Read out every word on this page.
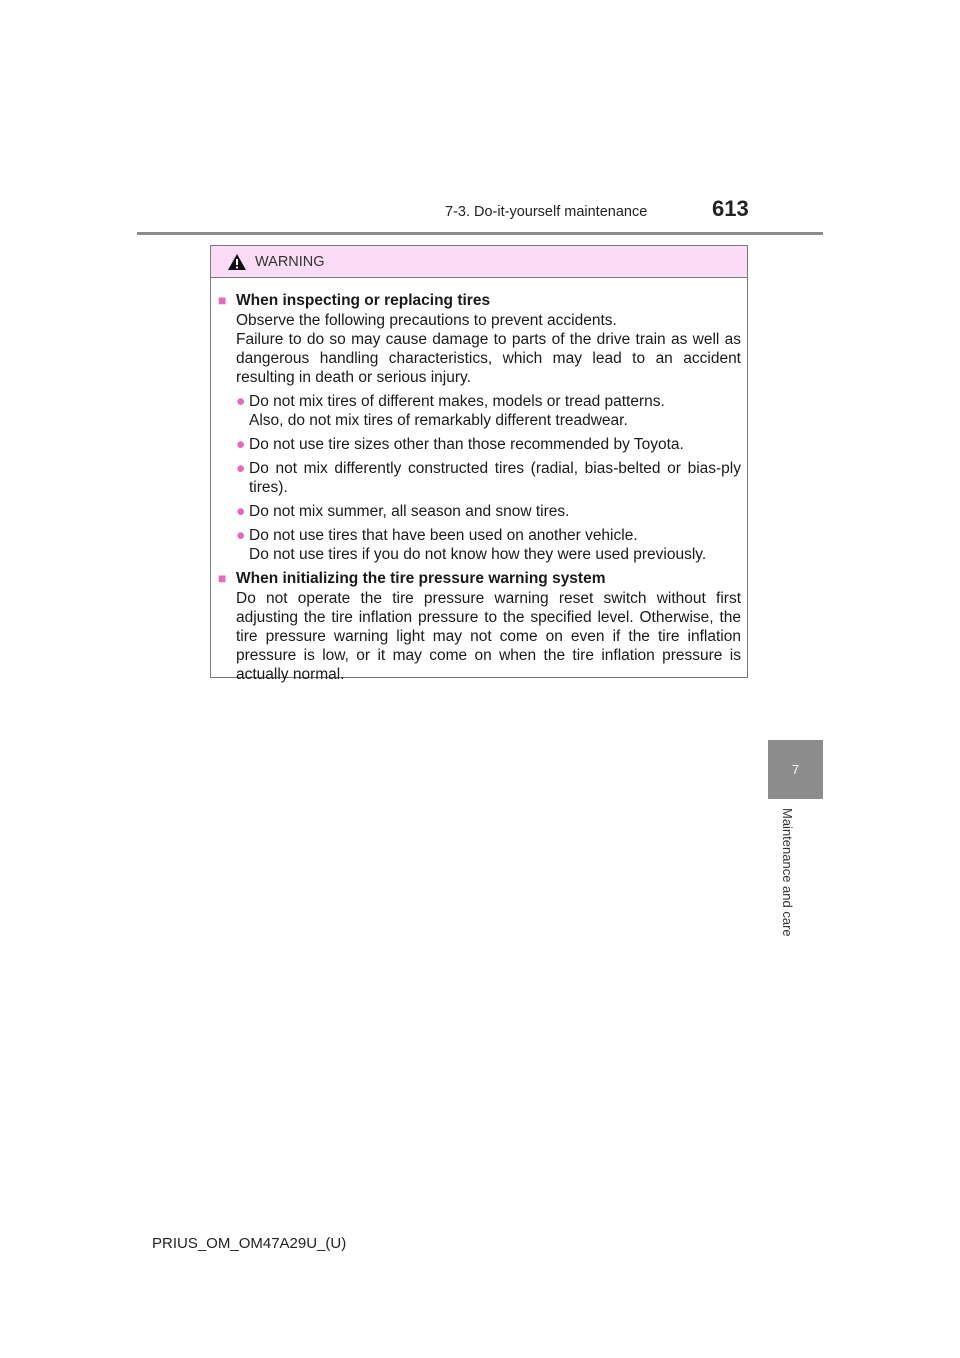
7-3. Do-it-yourself maintenance	613
7
Maintenance and care
WARNING
■ When inspecting or replacing tires
Observe the following precautions to prevent accidents.
Failure to do so may cause damage to parts of the drive train as well as dangerous handling characteristics, which may lead to an accident resulting in death or serious injury.
● Do not mix tires of different makes, models or tread patterns.
Also, do not mix tires of remarkably different treadwear.
● Do not use tire sizes other than those recommended by Toyota.
● Do not mix differently constructed tires (radial, bias-belted or bias-ply tires).
● Do not mix summer, all season and snow tires.
● Do not use tires that have been used on another vehicle.
Do not use tires if you do not know how they were used previously.
■ When initializing the tire pressure warning system
Do not operate the tire pressure warning reset switch without first adjusting the tire inflation pressure to the specified level. Otherwise, the tire pressure warning light may not come on even if the tire inflation pressure is low, or it may come on when the tire inflation pressure is actually normal.
PRIUS_OM_OM47A29U_(U)
